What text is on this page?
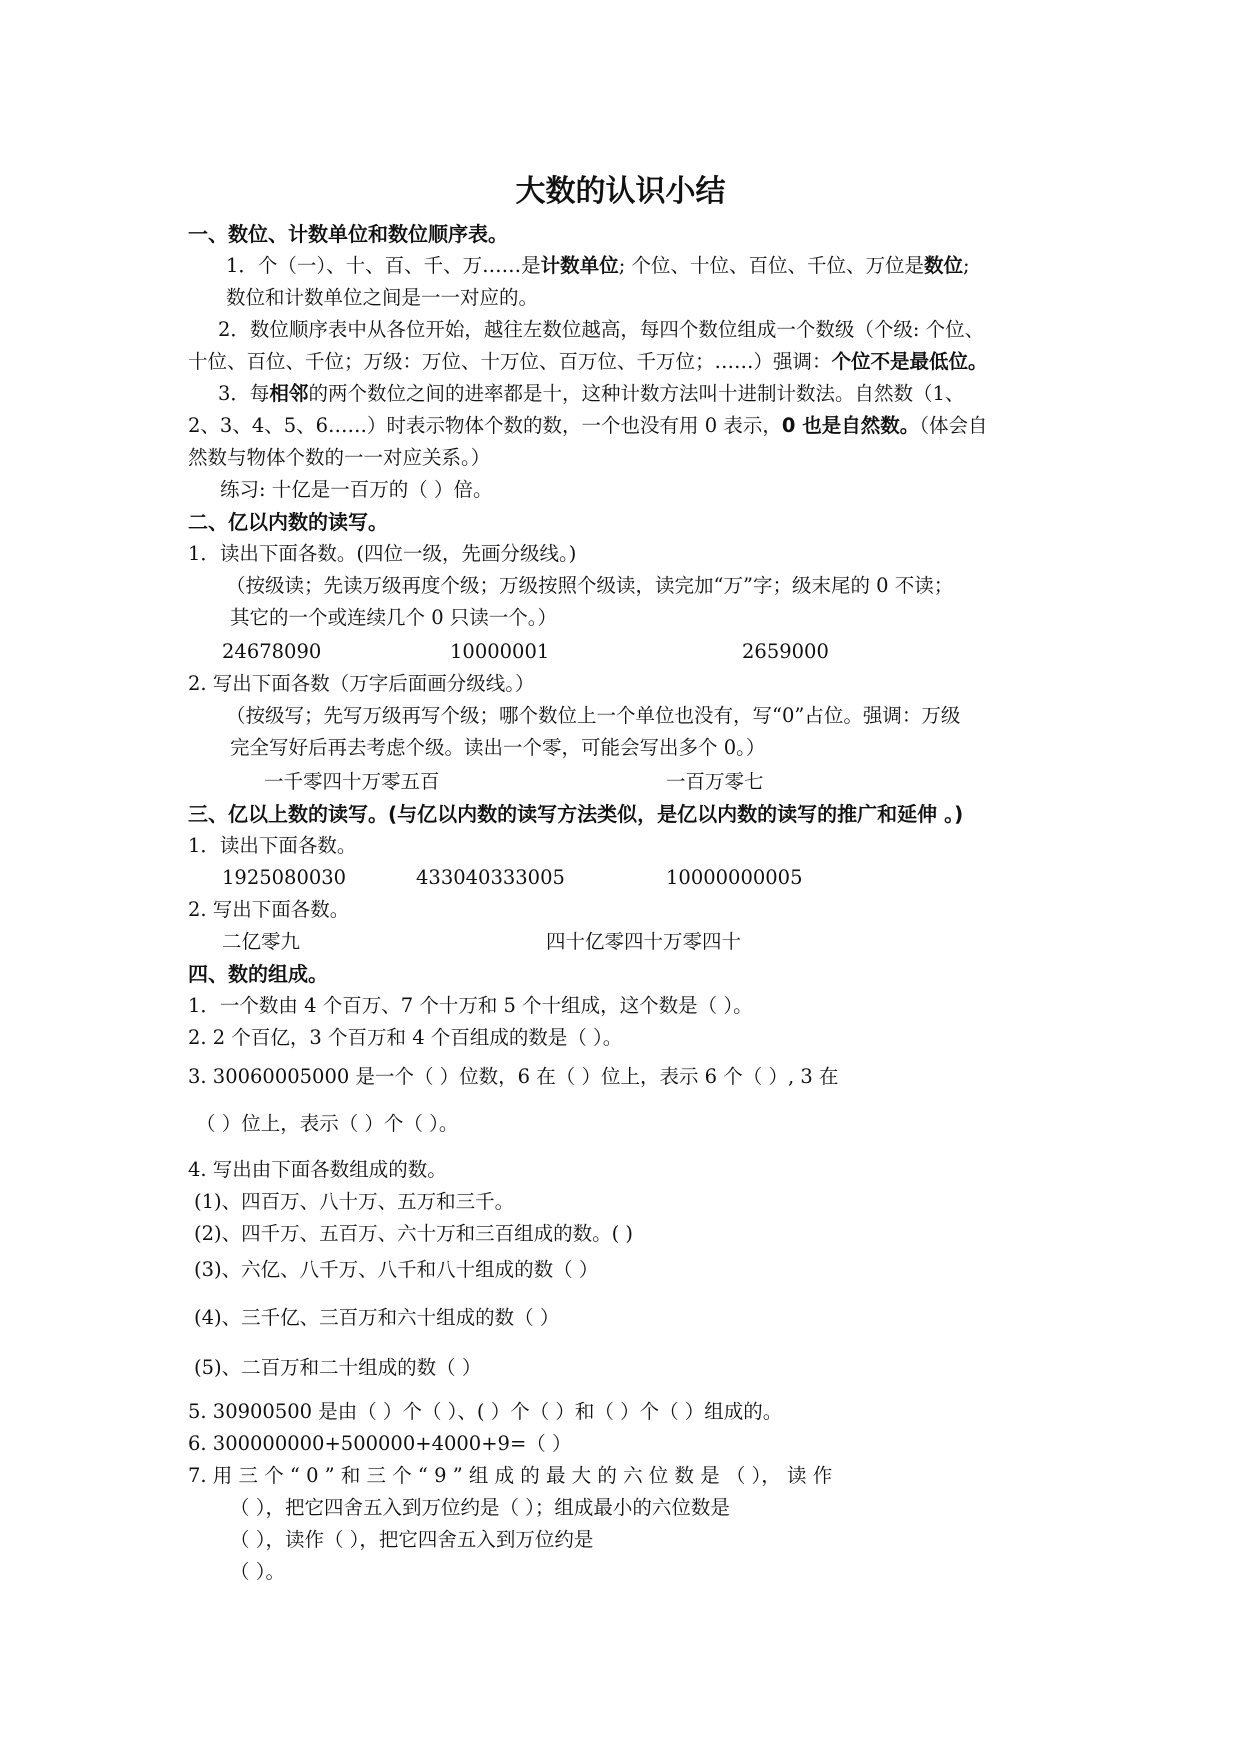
大数的认识小结
一、数位、计数单位和数位顺序表。
1．个（一）、十、百、千、万……是计数单位; 个位、十位、百位、千位、万位是数位;
数位和计数单位之间是一一对应的。
2．数位顺序表中从各位开始，越往左数位越高，每四个数位组成一个数级（个级: 个位、
十位、百位、千位；万级：万位、十万位、百万位、千万位；……）强调：个位不是最低位。
3．每相邻的两个数位之间的进率都是十，这种计数方法叫十进制计数法。自然数（1、
2、3、4、5、6……）时表示物体个数的数，一个也没有用 0 表示，0 也是自然数。（体会自
然数与物体个数的一一对应关系。）
练习: 十亿是一百万的（ ）倍。
二、亿以内数的读写。
1．读出下面各数。(四位一级，先画分级线。)
（按级读；先读万级再度个级；万级按照个级读，读完加“万”字；级末尾的 0 不读；
其它的一个或连续几个 0 只读一个。）
24678090	10000001	2659000
2. 写出下面各数（万字后面画分级线。）
（按级写；先写万级再写个级；哪个数位上一个单位也没有，写“0”占位。强调：万级
完全写好后再去考虑个级。读出一个零，可能会写出多个 0。）
一千零四十万零五百	一百万零七
三、亿以上数的读写。(与亿以内数的读写方法类似，是亿以内数的读写的推广和延伸 。)
1．读出下面各数。
1925080030	433040333005	10000000005
2. 写出下面各数。
二亿零九	四十亿零四十万零四十
四、数的组成。
1．一个数由 4 个百万、7 个十万和 5 个十组成，这个数是（ ）。
2. 2 个百亿，3 个百万和 4 个百组成的数是（ ）。
3. 30060005000 是一个（ ）位数，6 在（ ）位上，表示 6 个（ ）, 3 在
（ ）位上，表示（ ）个（ ）。
4. 写出由下面各数组成的数。
(1)、四百万、八十万、五万和三千。
(2)、四千万、五百万、六十万和三百组成的数。( )
(3)、六亿、八千万、八千和八十组成的数（ ）
(4)、三千亿、三百万和六十组成的数（ ）
(5)、二百万和二十组成的数（ ）
5. 30900500 是由（ ）个（ ）、( ）个（ ）和（ ）个（ ）组成的。
6. 300000000+500000+4000+9=（ ）
7. 用 三 个 “ 0 ” 和 三 个 “ 9 ” 组 成 的 最 大 的 六 位 数 是 （ ）， 读 作
（ ），把它四舍五入到万位约是（ ）；组成最小的六位数是
（ ），读作（ ），把它四舍五入到万位约是
（ ）。
